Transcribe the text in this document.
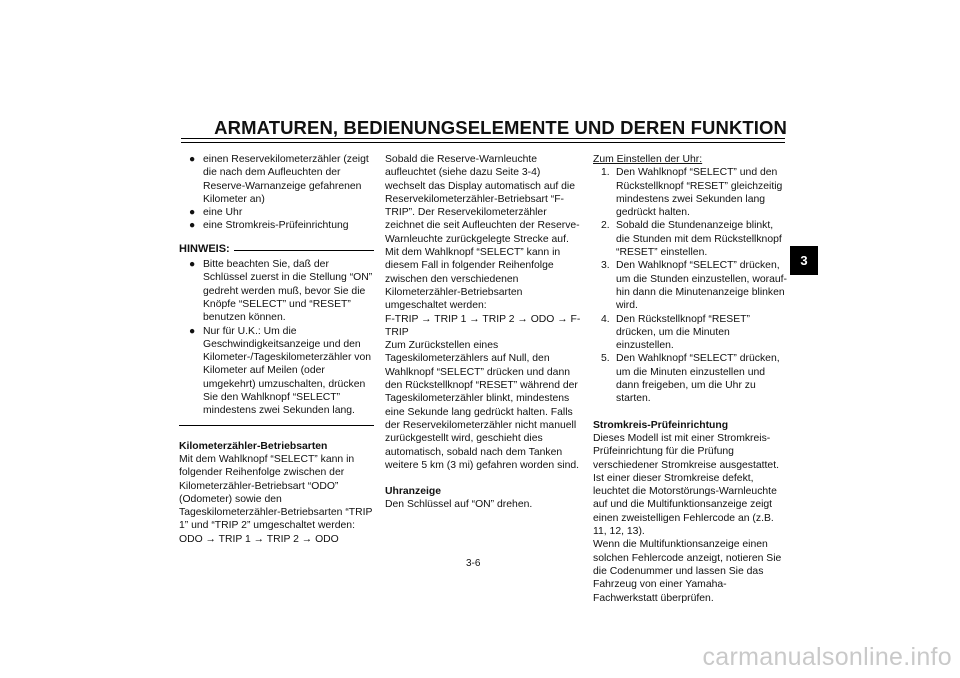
ARMATUREN, BEDIENUNGSELEMENTE UND DEREN FUNKTION
3

● einen Reservekilometerzähler (zeigt die nach dem Aufleuchten der Reserve-Warnanzeige gefahrenen Kilometer an)

● eine Uhr

● eine Stromkreis-Prüfeinrichtung

HINWEIS:

● Bitte beachten Sie, daß der Schlüssel zuerst in die Stellung “ON” gedreht werden muß, bevor Sie die Knöpfe “SELECT” und “RESET” benutzen können.

● Nur für U.K.: Um die Geschwindigkeitsanzeige und den Kilometer-/Tageskilometerzähler von Kilometer auf Meilen (oder umgekehrt) umzuschalten, drücken Sie den Wahlknopf “SELECT” mindestens zwei Sekunden lang.

Kilometerzähler-Betriebsarten

Mit dem Wahlknopf “SELECT” kann in folgender Reihenfolge zwischen der Kilometerzähler-Betriebsart “ODO” (Odometer) sowie den Tageskilometerzähler-Betriebsarten “TRIP 1” und “TRIP 2” umgeschaltet werden:

ODO → TRIP 1 → TRIP 2 → ODO

Sobald die Reserve-Warnleuchte aufleuchtet (siehe dazu Seite 3-4) wechselt das Display automatisch auf die Reservekilometerzähler-Betriebsart “F-TRIP”. Der Reservekilometerzähler zeichnet die seit Aufleuchten der Reserve-Warnleuchte zurückgelegte Strecke auf. Mit dem Wahlknopf “SELECT” kann in diesem Fall in folgender Reihenfolge zwischen den verschiedenen Kilometerzähler-Betriebsarten umgeschaltet werden:

F-TRIP → TRIP 1 → TRIP 2 → ODO → F-TRIP

Zum Zurückstellen eines Tageskilometerzählers auf Null, den Wahlknopf “SELECT” drücken und dann den Rückstellknopf “RESET” während der Tageskilometerzähler blinkt, mindestens eine Sekunde lang gedrückt halten. Falls der Reservekilometerzähler nicht manuell zurückgestellt wird, geschieht dies automatisch, sobald nach dem Tanken weitere 5 km (3 mi) gefahren worden sind.

Uhranzeige

Den Schlüssel auf “ON” drehen.

Zum Einstellen der Uhr:

1. Den Wahlknopf “SELECT” und den Rückstellknopf “RESET” gleichzeitig mindestens zwei Sekunden lang gedrückt halten.

2. Sobald die Stundenanzeige blinkt, die Stunden mit dem Rückstellknopf “RESET” einstellen.

3. Den Wahlknopf “SELECT” drücken, um die Stunden einzustellen, worauf-hin dann die Minutenanzeige blinken wird.

4. Den Rückstellknopf “RESET” drücken, um die Minuten einzustellen.

5. Den Wahlknopf “SELECT” drücken, um die Minuten einzustellen und dann freigeben, um die Uhr zu starten.

Stromkreis-Prüfeinrichtung

Dieses Modell ist mit einer Stromkreis-Prüfeinrichtung für die Prüfung verschiedener Stromkreise ausgestattet.

Ist einer dieser Stromkreise defekt, leuchtet die Motorstörungs-Warnleuchte auf und die Multifunktionsanzeige zeigt einen zweistelligen Fehlercode an (z.B. 11, 12, 13).

Wenn die Multifunktionsanzeige einen solchen Fehlercode anzeigt, notieren Sie die Codenummer und lassen Sie das Fahrzeug von einer Yamaha-Fachwerkstatt überprüfen.

3-6
carmanualsonline.info
